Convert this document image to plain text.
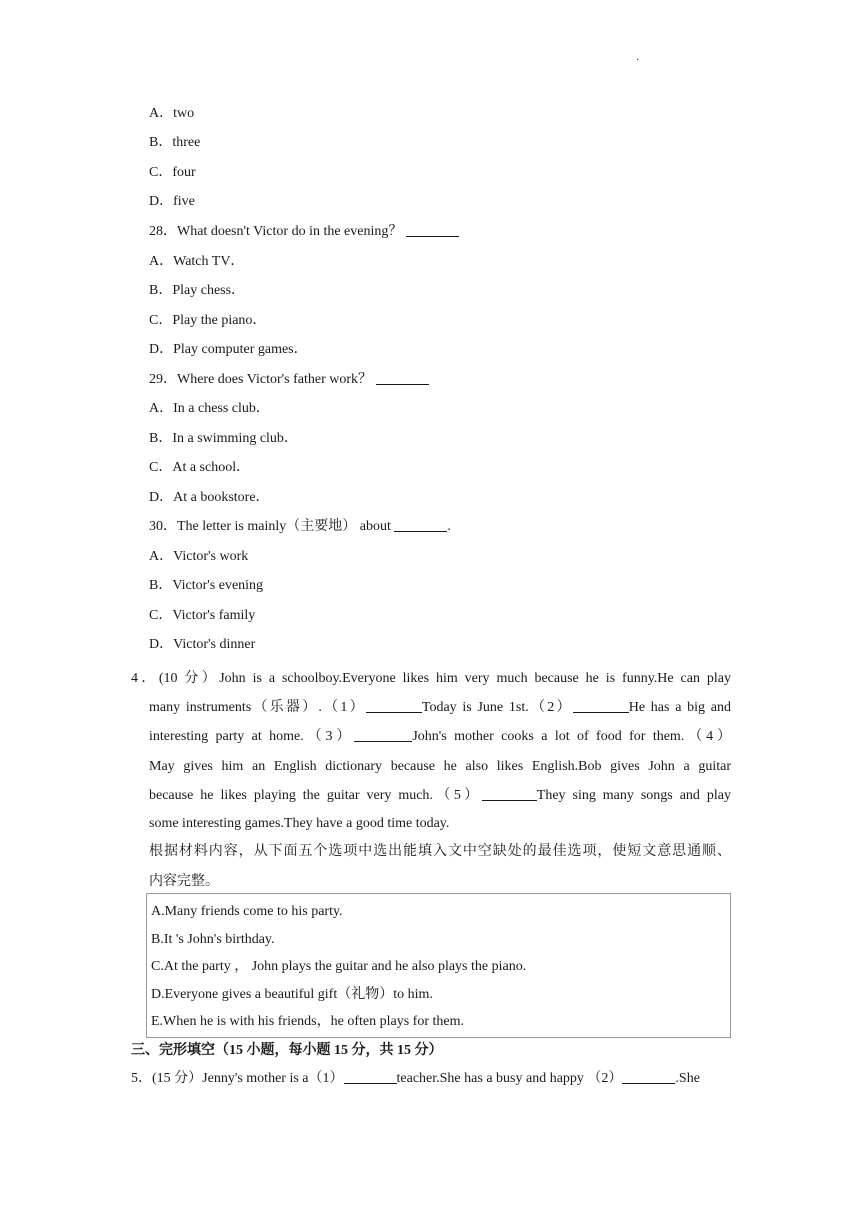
·
A．two
B．three
C．four
D．five
28．What doesn't Victor do in the evening？
A．Watch TV．
B．Play chess．
C．Play the piano．
D．Play computer games．
29．Where does Victor's father work？
A．In a chess club．
B．In a swimming club．
C．At a school．
D．At a bookstore．
30．The letter is mainly（主要地） about	.
A．Victor's work
B．Victor's evening
C．Victor's family
D．Victor's dinner
4．(10 分）John is a schoolboy.Everyone likes him very much because he is funny.He can play
many instruments（乐器）.（1）	Today is June 1st.（2）	He has a big and
interesting party at home.（3）	John's mother cooks a lot of food for them.（4）
May gives him an English dictionary because he also likes English.Bob gives John a guitar
because he likes playing the guitar very much.（5）	They sing many songs and play
some interesting games.They have a good time today.
根据材料内容，从下面五个选项中选出能填入文中空缺处的最佳选项，使短文意思通顺、
内容完整。
A.Many friends come to his party.
B.It 's John's birthday.
C.At the party ， John plays the guitar and he also plays the piano.
D.Everyone gives a beautiful gift（礼物）to him.
E.When he is with his friends，he often plays for them.
三、完形填空（15 小题，每小题 15 分，共 15 分）
5．(15 分）Jenny's mother is a（1）	teacher.She has a busy and happy （2）	.She
